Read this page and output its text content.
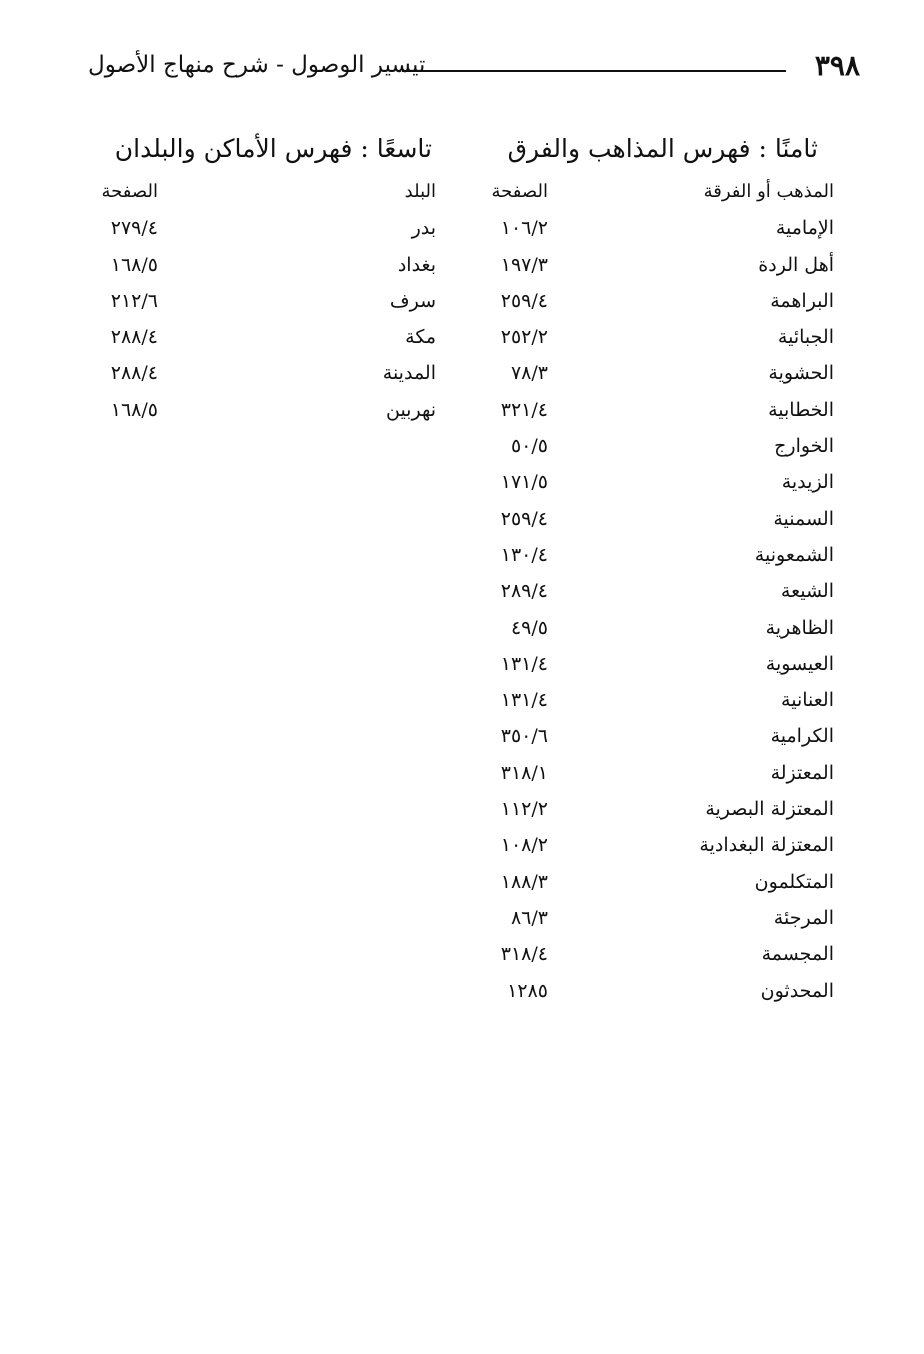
٣٩٨
تيسير الوصول - شرح منهاج الأصول
ثامنًا : فهرس المذاهب والفرق
تاسعًا : فهرس الأماكن والبلدان
المذهب أو الفرقة
الصفحة
الإمامية
١٠٦/٢
أهل الردة
١٩٧/٣
البراهمة
٢٥٩/٤
الجبائية
٢٥٢/٢
الحشوية
٧٨/٣
الخطابية
٣٢١/٤
الخوارج
٥٠/٥
الزيدية
١٧١/٥
السمنية
٢٥٩/٤
الشمعونية
١٣٠/٤
الشيعة
٢٨٩/٤
الظاهرية
٤٩/٥
العيسوية
١٣١/٤
العنانية
١٣١/٤
الكرامية
٣٥٠/٦
المعتزلة
٣١٨/١
المعتزلة البصرية
١١٢/٢
المعتزلة البغدادية
١٠٨/٢
المتكلمون
١٨٨/٣
المرجئة
٨٦/٣
المجسمة
٣١٨/٤
المحدثون
١٢٨٥
البلد
الصفحة
بدر
٢٧٩/٤
بغداد
١٦٨/٥
سرف
٢١٢/٦
مكة
٢٨٨/٤
المدينة
٢٨٨/٤
نهربين
١٦٨/٥
